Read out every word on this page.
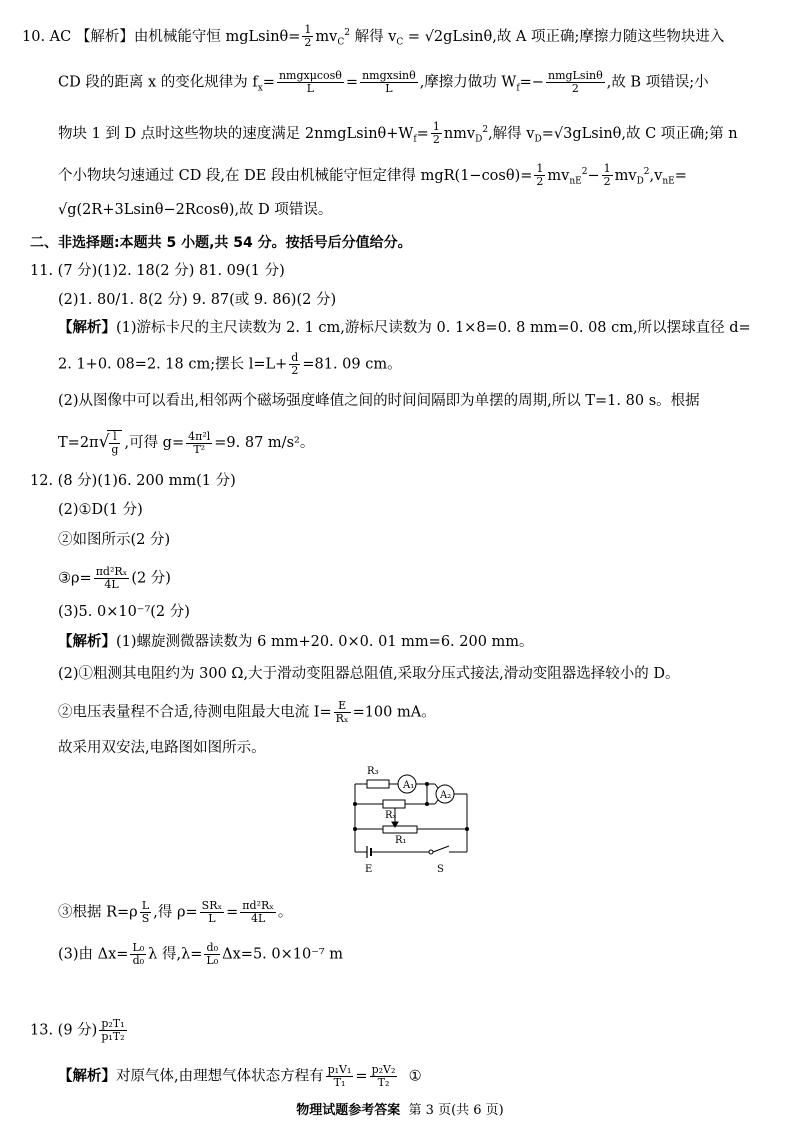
10. AC 【解析】由机械能守恒 $mgLsin\theta= \frac{1}{2} mv_C^2$ 解得 $v_C = √2gLsin\theta$,故 A 项正确;摩擦力随这些物块进入
CD 段的距离 x 的变化规律为 $f_x= \frac{\text{nmgxμcosθ}}{L} = \frac{\text{nmgxsinθ}}{L}$ ,摩擦力做功 $W_f=- \frac{\text{nmgLsinθ}}{2}$ ,故 B 项错误;小
物块 1 到 D 点时这些物块的速度满足 $2nmgLsin\theta+W_f= \frac{1}{2} nmv_D^2$,解得 $v_D=√3gLsin\theta$,故 C 项正确;第 n
个小物块匀速通过 CD 段,在 DE 段由机械能守恒定律得 $mgR(1-\cos\theta)= \frac{1}{2} mv_{nE}^2- \frac{1}{2} mv_D^2,v_{nE}=$
√g(2R+3Lsinθ−2Rcosθ),故 D 项错误。
二、非选择题:本题共 5 小题,共 54 分。按括号后分值给分。
11. (7 分)(1)2. 18(2 分) 81. 09(1 分)
(2)1. 80/1. 8(2 分) 9. 87(或 9. 86)(2 分)
【解析】(1)游标卡尺的主尺读数为 2. 1 cm,游标尺读数为 0. 1×8=0. 8 mm=0. 08 cm,所以摆球直径 d=
2. 1+0. 08=2. 18 cm;摆长 $l=L+ \frac{d}{2} =81$. 09 cm。
(2)从图像中可以看出,相邻两个磁场强度峰值之间的时间间隔即为单摆的周期,所以 T=1. 80 s。根据
T=2π√
$\frac{l}{g}$ ,可得 $g= \frac{\text{4π²l}}{\text{T²}} =9$. 87 m/s²。
12. (8 分)(1)6. 200 mm(1 分)
(2)①D(1 分)
②如图所示(2 分)
③ρ= $\frac{\text{πd²Rₓ}}{4L} (2$ 分)
(3)5. 0×10⁻⁷(2 分)
【解析】(1)螺旋测微器读数为 6 mm+20. 0×0. 01 mm=6. 200 mm。
(2)①粗测其电阻约为 300 Ω,大于滑动变阻器总阻值,采取分压式接法,滑动变阻器选择较小的 D。
②电压表量程不合适,待测电阻最大电流 $I= \frac{E}{\text{Rₓ}} =100$ mA。
故采用双安法,电路图如图所示。
R₃
A₁
A₂
Rₓ
R₁
E	S
③根据 $R=\rho \frac{L}{S}$ ,得 $\rho= \frac{\text{SRₓ}}{L} = \frac{\text{πd²Rₓ}}{4L}$ 。
(3)由 $\Delta x= \frac{\text{L₀}}{\text{d₀}}$ λ 得$,\lambda= \frac{\text{d₀}}{\text{L₀}} \Delta x=5$. 0×10⁻⁷ m
13. (9 分) $\frac{\text{p₂T₁}}{\text{p₁T₂}}$
【解析】对原气体,由理想气体状态方程有 $\frac{\text{p₁V₁}}{\text{T₁}} = \frac{\text{p₂V₂}}{\text{T₂}}$ ①
物理试题参考答案 第 3 页(共 6 页)
